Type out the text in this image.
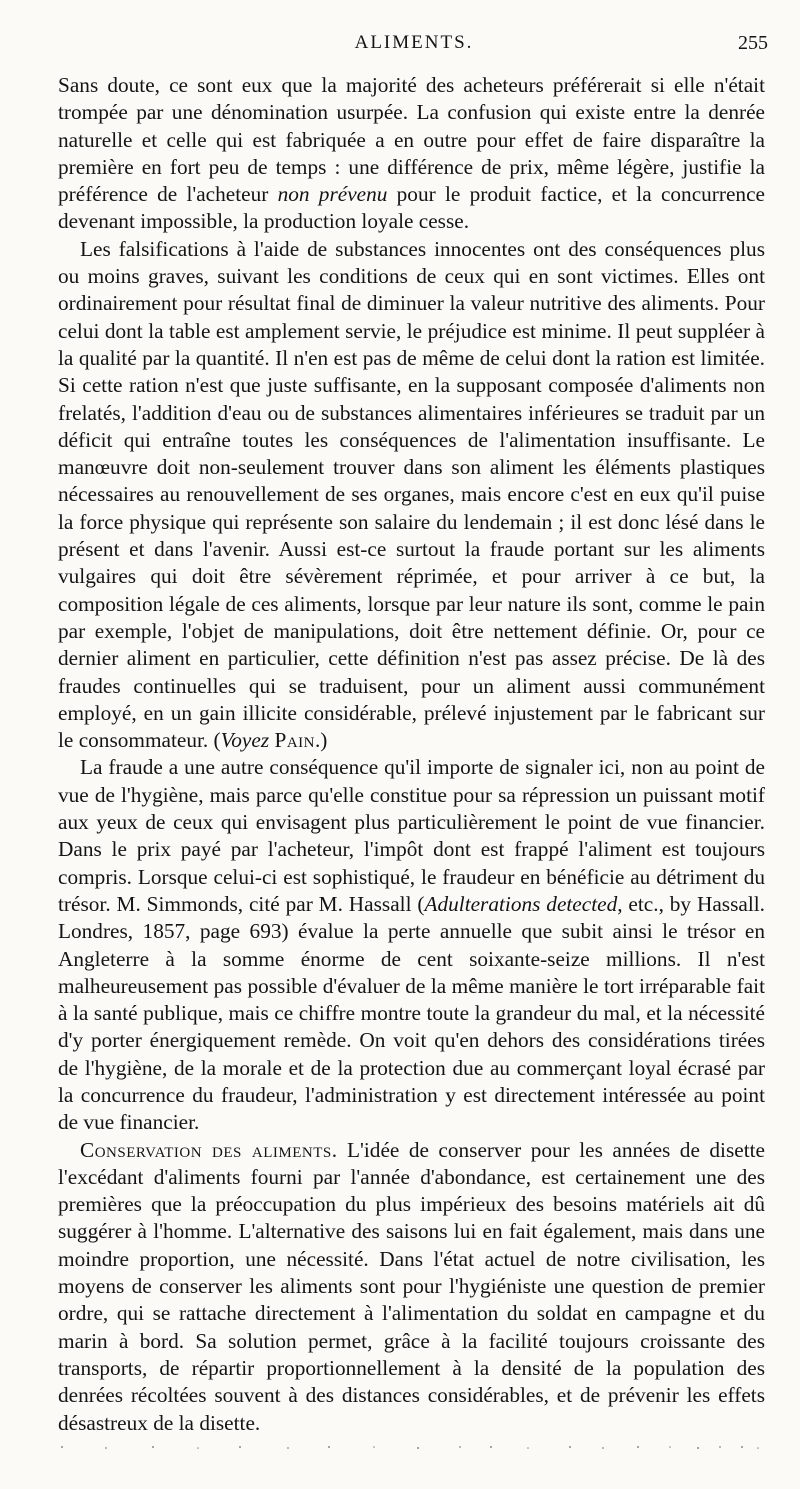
ALIMENTS.	255

Sans doute, ce sont eux que la majorité des acheteurs préférerait si elle n'était trompée par une dénomination usurpée. La confusion qui existe entre la denrée naturelle et celle qui est fabriquée a en outre pour effet de faire disparaître la première en fort peu de temps : une différence de prix, même légère, justifie la préférence de l'acheteur non prévenu pour le produit factice, et la concurrence devenant impossible, la production loyale cesse.

Les falsifications à l'aide de substances innocentes ont des conséquences plus ou moins graves, suivant les conditions de ceux qui en sont victimes. Elles ont ordinairement pour résultat final de diminuer la valeur nutritive des aliments. Pour celui dont la table est amplement servie, le préjudice est minime. Il peut suppléer à la qualité par la quantité. Il n'en est pas de même de celui dont la ration est limitée. Si cette ration n'est que juste suffisante, en la supposant composée d'aliments non frelatés, l'addition d'eau ou de substances alimentaires inférieures se traduit par un déficit qui entraîne toutes les conséquences de l'alimentation insuffisante. Le manœuvre doit non-seulement trouver dans son aliment les éléments plastiques nécessaires au renouvellement de ses organes, mais encore c'est en eux qu'il puise la force physique qui représente son salaire du lendemain ; il est donc lésé dans le présent et dans l'avenir. Aussi est-ce surtout la fraude portant sur les aliments vulgaires qui doit être sévèrement réprimée, et pour arriver à ce but, la composition légale de ces aliments, lorsque par leur nature ils sont, comme le pain par exemple, l'objet de manipulations, doit être nettement définie. Or, pour ce dernier aliment en particulier, cette définition n'est pas assez précise. De là des fraudes continuelles qui se traduisent, pour un aliment aussi communément employé, en un gain illicite considérable, prélevé injustement par le fabricant sur le consommateur. (Voyez Pain.)

La fraude a une autre conséquence qu'il importe de signaler ici, non au point de vue de l'hygiène, mais parce qu'elle constitue pour sa répression un puissant motif aux yeux de ceux qui envisagent plus particulièrement le point de vue financier. Dans le prix payé par l'acheteur, l'impôt dont est frappé l'aliment est toujours compris. Lorsque celui-ci est sophistiqué, le fraudeur en bénéficie au détriment du trésor. M. Simmonds, cité par M. Hassall (Adulterations detected, etc., by Hassall. Londres, 1857, page 693) évalue la perte annuelle que subit ainsi le trésor en Angleterre à la somme énorme de cent soixante-seize millions. Il n'est malheureusement pas possible d'évaluer de la même manière le tort irréparable fait à la santé publique, mais ce chiffre montre toute la grandeur du mal, et la nécessité d'y porter énergiquement remède. On voit qu'en dehors des considérations tirées de l'hygiène, de la morale et de la protection due au commerçant loyal écrasé par la concurrence du fraudeur, l'administration y est directement intéressée au point de vue financier.

Conservation des aliments. L'idée de conserver pour les années de disette l'excédant d'aliments fourni par l'année d'abondance, est certainement une des premières que la préoccupation du plus impérieux des besoins matériels ait dû suggérer à l'homme. L'alternative des saisons lui en fait également, mais dans une moindre proportion, une nécessité. Dans l'état actuel de notre civilisation, les moyens de conserver les aliments sont pour l'hygiéniste une question de premier ordre, qui se rattache directement à l'alimentation du soldat en campagne et du marin à bord. Sa solution permet, grâce à la facilité toujours croissante des transports, de répartir proportionnellement à la densité de la population des denrées récoltées souvent à des distances considérables, et de prévenir les effets désastreux de la disette.
